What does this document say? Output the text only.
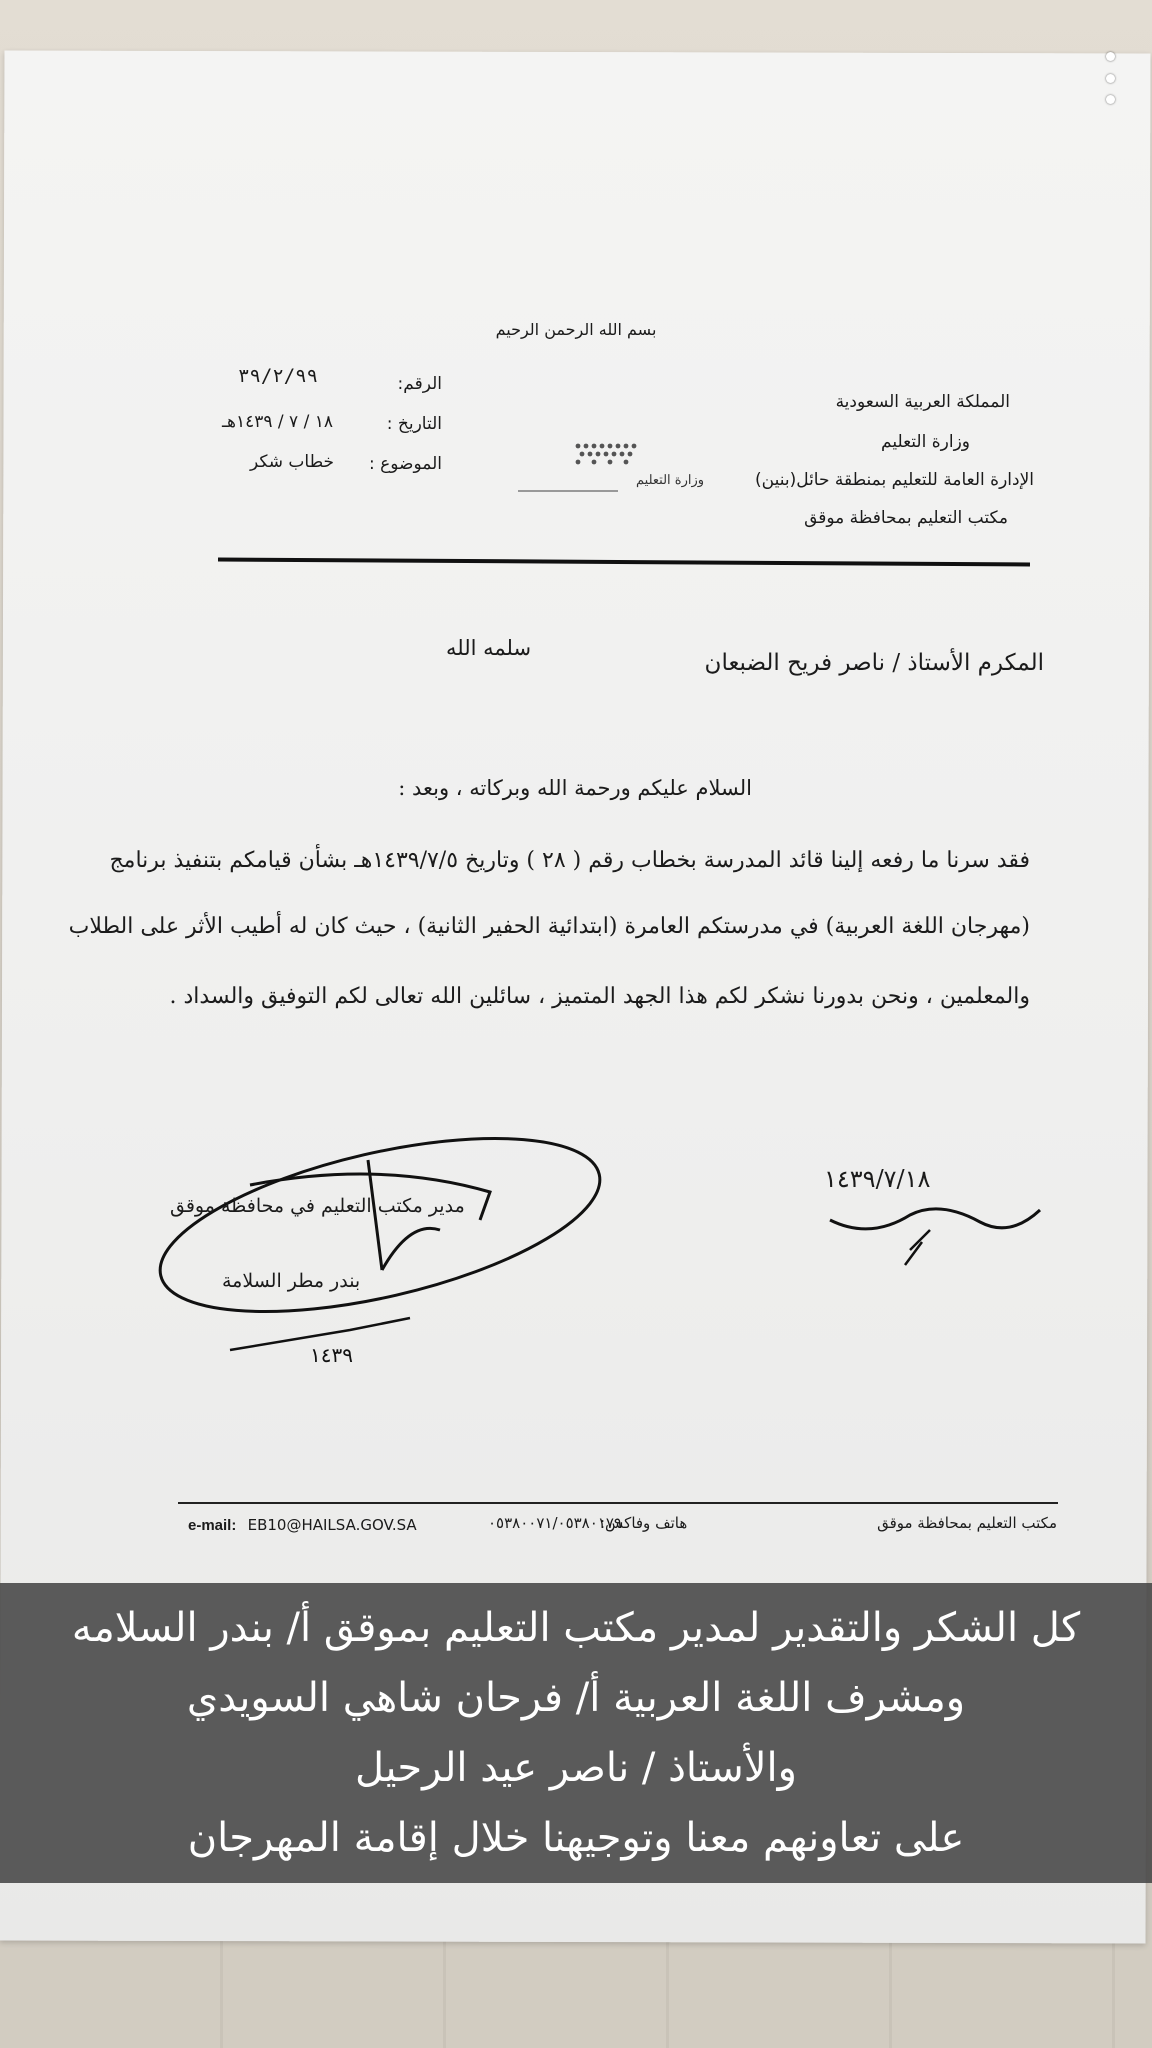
بسم الله الرحمن الرحيم
المملكة العربية السعودية
وزارة التعليم
الإدارة العامة للتعليم بمنطقة حائل(بنين)
مكتب التعليم بمحافظة موقق
الرقم:
٣٩/٢/٩٩
التاريخ :
١٨ / ٧ / ١٤٣٩هـ
الموضوع :
خطاب شكر
وزارة التعليم
المكرم الأستاذ / ناصر فريح الضبعان
سلمه الله
السلام عليكم ورحمة الله وبركاته ، وبعد :
فقد سرنا ما رفعه إلينا قائد المدرسة بخطاب رقم ( ٢٨ ) وتاريخ ١٤٣٩/٧/٥هـ بشأن قيامكم بتنفيذ برنامج
(مهرجان اللغة العربية) في مدرستكم العامرة (ابتدائية الحفير الثانية) ، حيث كان له أطيب الأثر على الطلاب
والمعلمين ، ونحن بدورنا نشكر لكم هذا الجهد المتميز ، سائلين الله تعالى لكم التوفيق والسداد .
١٤٣٩
مدير مكتب التعليم في محافظة موقق
بندر مطر السلامة
١٤٣٩/٧/١٨
مكتب التعليم بمحافظة موقق
هاتف وفاكس:
٠٥٣٨٠٠٧١/٠٥٣٨٠١٧٩
e-mail: EB10@HAILSA.GOV.SA
كل الشكر والتقدير لمدير مكتب التعليم بموقق أ/ بندر السلامه
ومشرف اللغة العربية أ/ فرحان شاهي السويدي
والأستاذ / ناصر عيد الرحيل
على تعاونهم معنا وتوجيهنا خلال إقامة المهرجان
